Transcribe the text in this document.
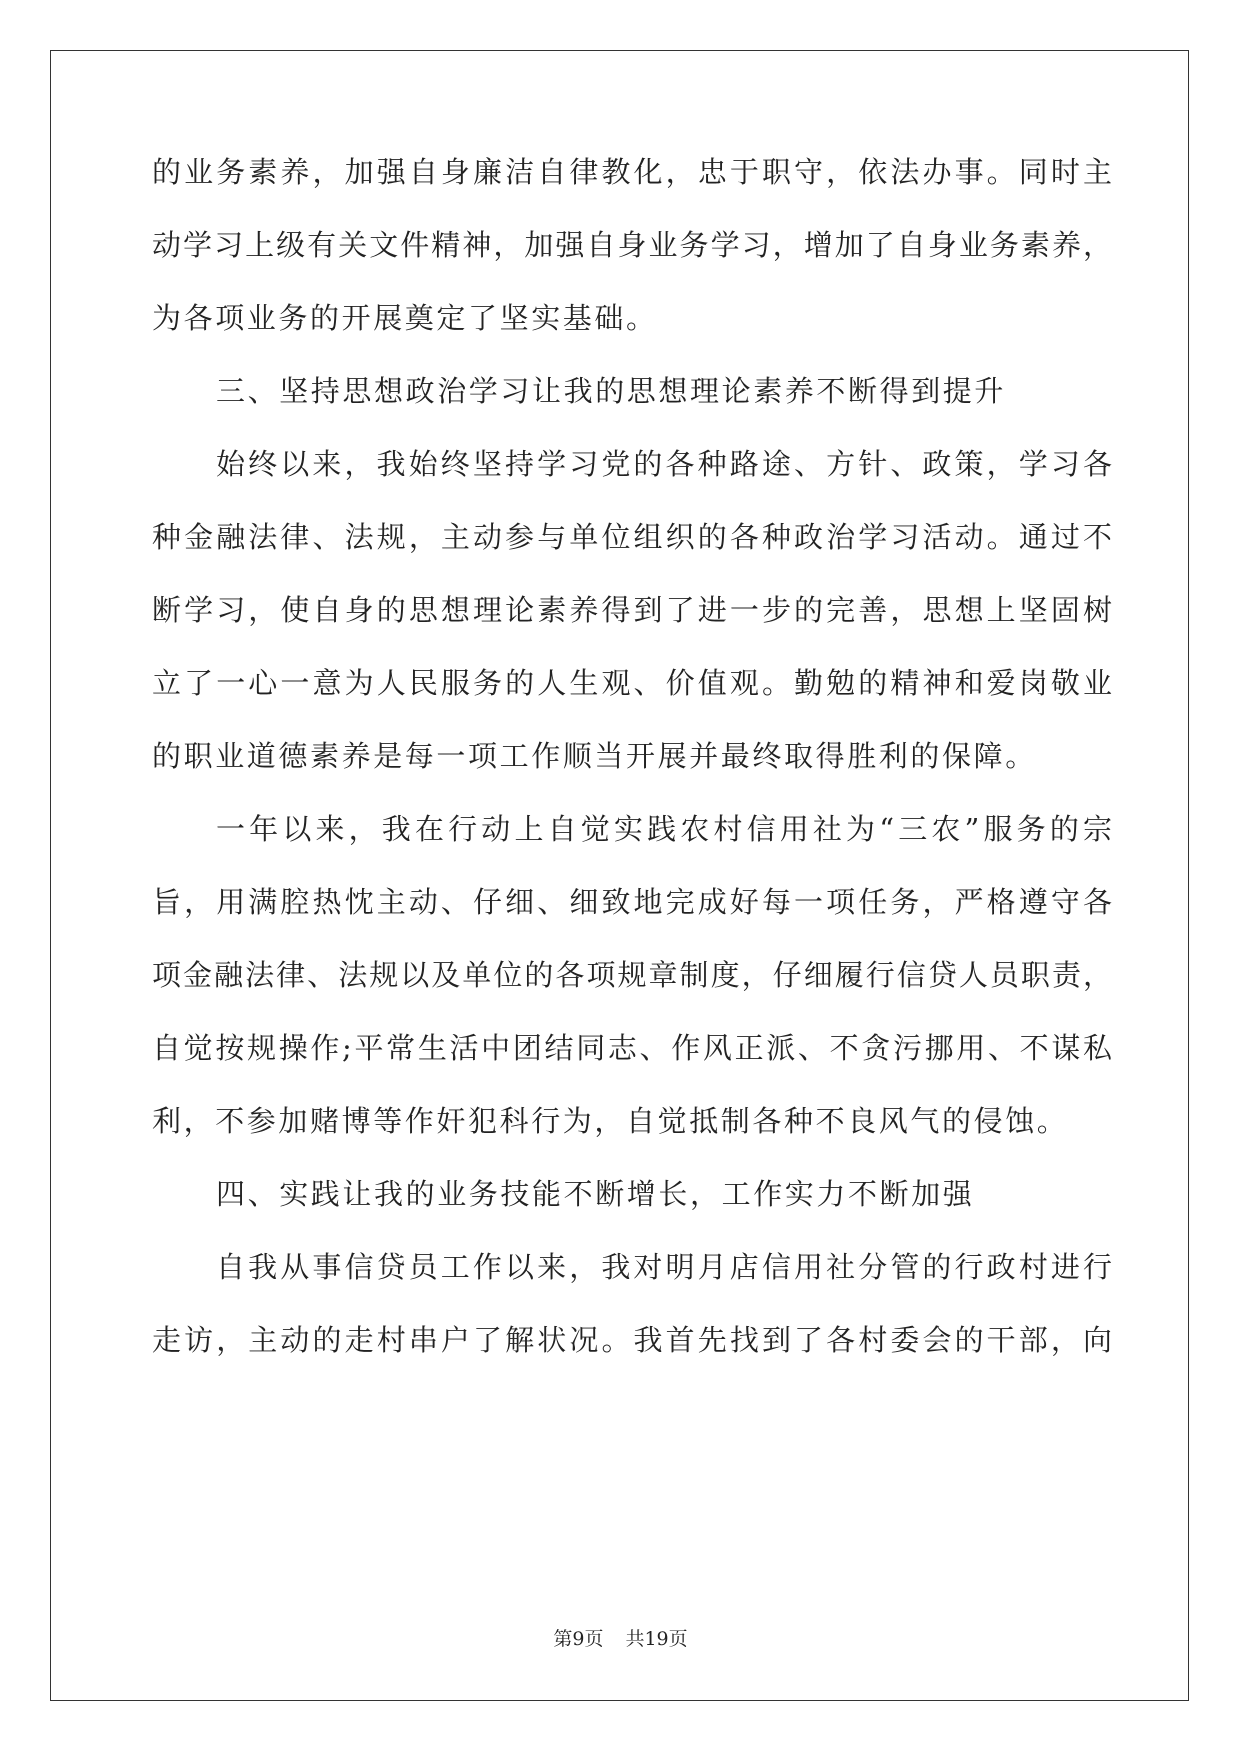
的业务素养，加强自身廉洁自律教化，忠于职守，依法办事。同时主

动学习上级有关文件精神，加强自身业务学习，增加了自身业务素养，

为各项业务的开展奠定了坚实基础。

三、坚持思想政治学习让我的思想理论素养不断得到提升

始终以来，我始终坚持学习党的各种路途、方针、政策，学习各

种金融法律、法规，主动参与单位组织的各种政治学习活动。通过不

断学习，使自身的思想理论素养得到了进一步的完善，思想上坚固树

立了一心一意为人民服务的人生观、价值观。勤勉的精神和爱岗敬业

的职业道德素养是每一项工作顺当开展并最终取得胜利的保障。

一年以来，我在行动上自觉实践农村信用社为“三农”服务的宗

旨，用满腔热忱主动、仔细、细致地完成好每一项任务，严格遵守各

项金融法律、法规以及单位的各项规章制度，仔细履行信贷人员职责，

自觉按规操作;平常生活中团结同志、作风正派、不贪污挪用、不谋私

利，不参加赌博等作奸犯科行为，自觉抵制各种不良风气的侵蚀。

四、实践让我的业务技能不断增长，工作实力不断加强

自我从事信贷员工作以来，我对明月店信用社分管的行政村进行

走访，主动的走村串户了解状况。我首先找到了各村委会的干部，向

第9页 共19页
